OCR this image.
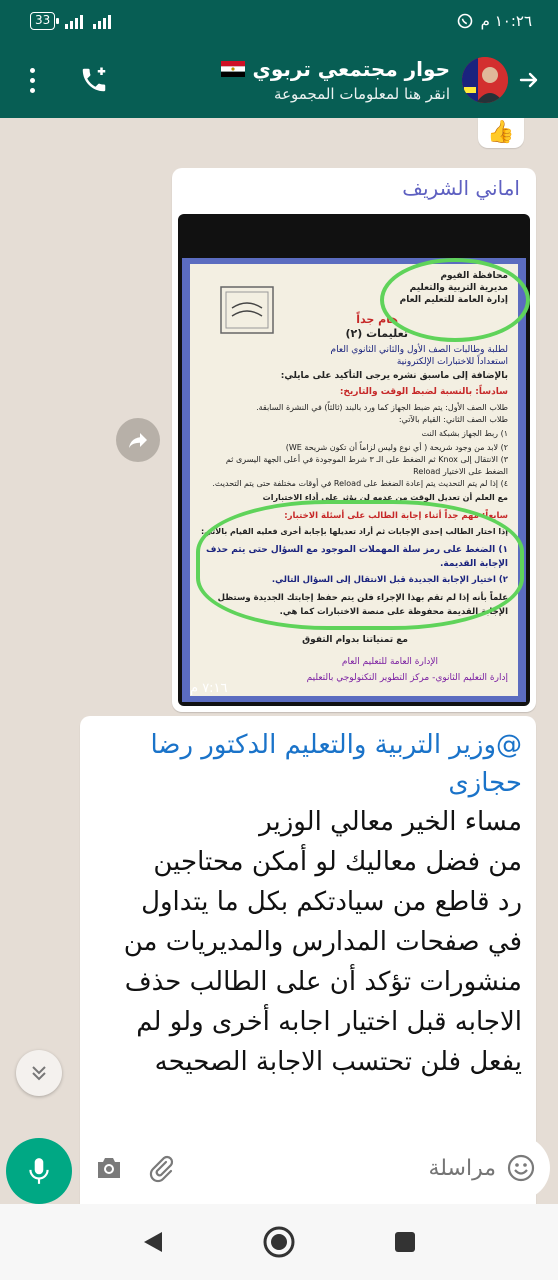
33	١٠:٢٦ م
حوار مجتمعي تربوي
انقر هنا لمعلومات المجموعة
👍
اماني الشريف
محافظة الفيوم
مديرية التربية والتعليم
إدارة العامة للتعليم العام
هام جداً
تعليمات (٢)
لطلبة وطالبات الصف الأول والثاني الثانوي العام
استعداداً للاختبارات الإلكترونية
بالإضافة إلى ماسبق نشره يرجى التأكيد على مايلي:
سادساً: بالنسبة لضبط الوقت والتاريخ:
طلاب الصف الأول: يتم ضبط الجهاز كما ورد بالبند (ثالثاً) في النشرة السابقة.
طلاب الصف الثاني: القيام بالآتي:
١) ربط الجهاز بشبكة النت
٢) لابد من وجود شريحة ( أي نوع وليس لزاماً أن تكون شريحة WE)
٣) الانتقال إلى Knox ثم الضغط على الـ ٣ شرط الموجودة في أعلى الجهة اليسرى ثم
الضغط على الاختيار Reload
٤) إذا لم يتم التحديث يتم إعادة الضغط على Reload في أوقات مختلفة حتى يتم التحديث.
مع العلم أن تعديل الوقت من عدمه لن يؤثر على أداء الاختبارات
سابعاً: مهم جداً أثناء إجابة الطالب على أسئلة الاختبار:
إذا اختار الطالب إحدى الإجابات ثم أراد تعديلها بإجابة أخرى فعليه القيام بالآتي:
١) الضغط على رمز سلة المهملات الموجود مع السؤال حتى يتم حذف
الإجابة القديمة.
٢) اختيار الإجابة الجديدة قبل الانتقال إلى السؤال التالي.
علماً بأنه إذا لم تقم بهذا الإجراء فلن يتم حفظ إجابتك الجديدة وستظل
الإجابة القديمة محفوظة على منصة الاختبارات كما هي.
مع تمنياتنا بدوام التفوق
الإدارة العامة للتعليم العام
إدارة التعليم الثانوي- مركز التطوير التكنولوجي بالتعليم
٧:١٦ م
@وزير التربية والتعليم الدكتور رضا حجازى
مساء الخير معالي الوزير
من فضل معاليك لو أمكن محتاجين
رد قاطع من سيادتكم بكل ما يتداول
في صفحات المدارس والمديريات من
منشورات تؤكد أن على الطالب حذف
الاجابه قبل اختيار اجابه أخرى ولو لم
يفعل فلن تحتسب الاجابة الصحيحه
مراسلة
